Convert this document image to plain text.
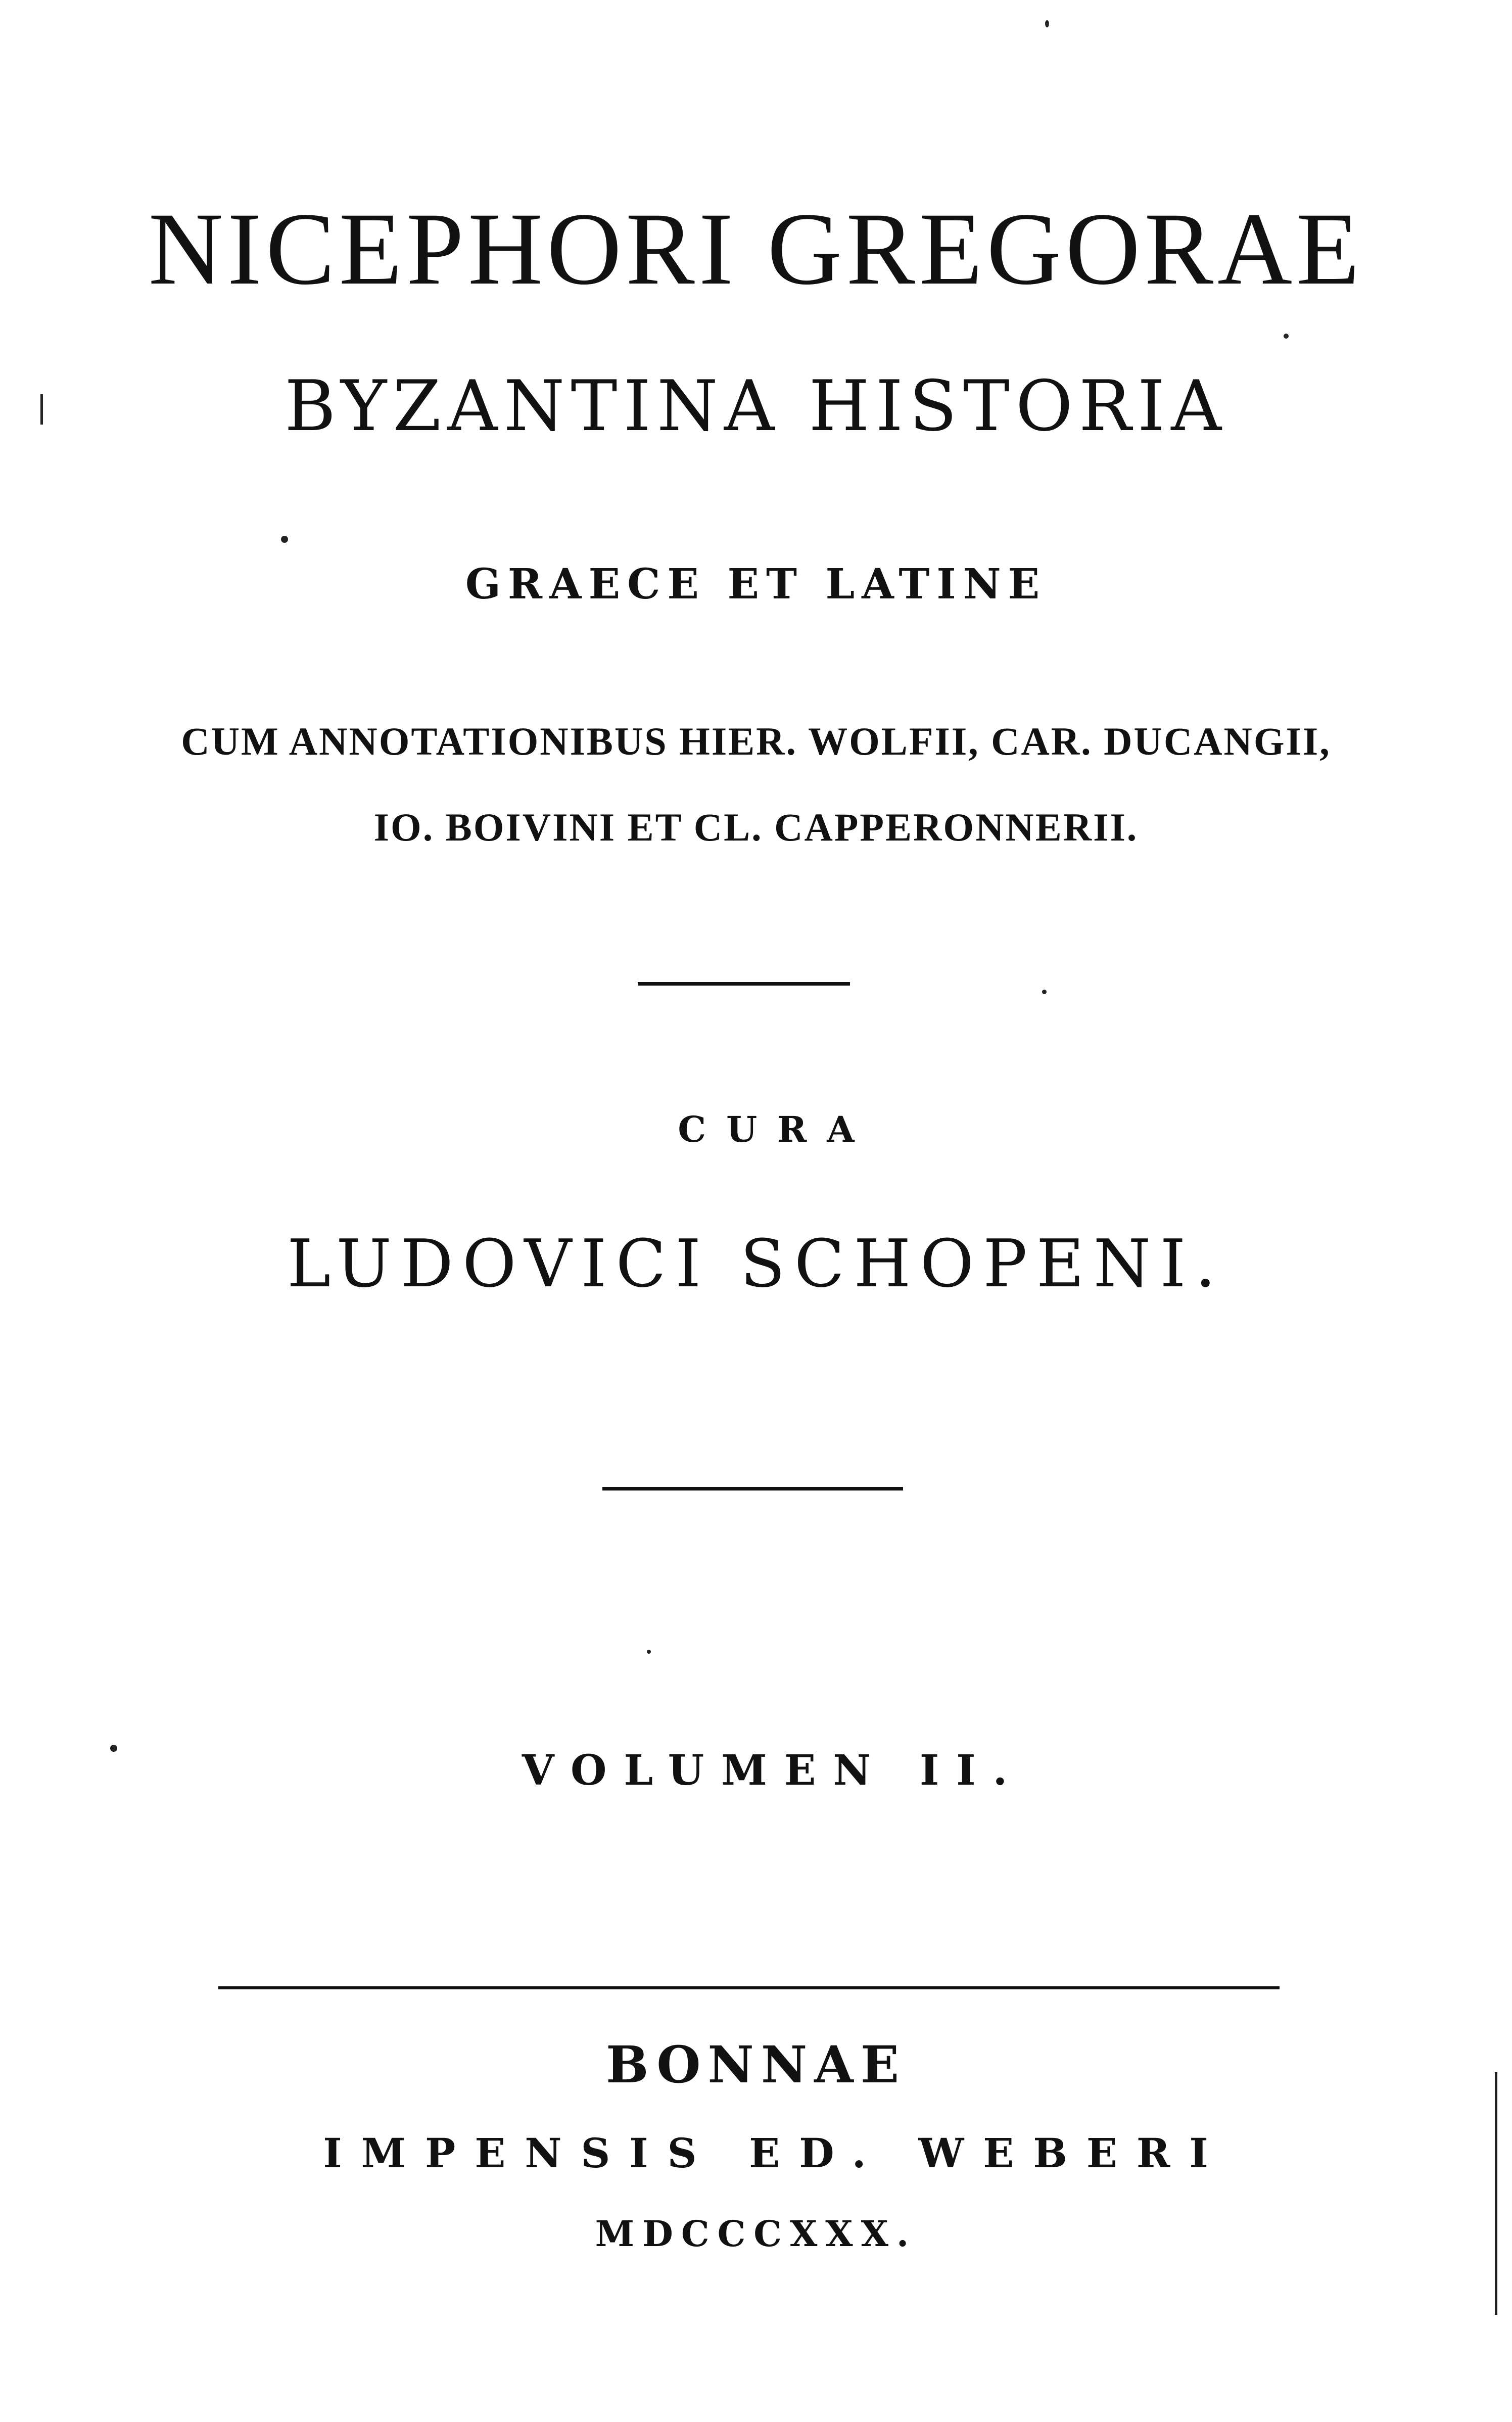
NICEPHORI GREGORAE
BYZANTINA HISTORIA
GRAECE ET LATINE
CUM ANNOTATIONIBUS HIER. WOLFII, CAR. DUCANGII,
IO. BOIVINI ET CL. CAPPERONNERII.
CURA
LUDOVICI SCHOPENI.
VOLUMEN II.
BONNAE
IMPENSIS ED. WEBERI
MDCCCXXX.
